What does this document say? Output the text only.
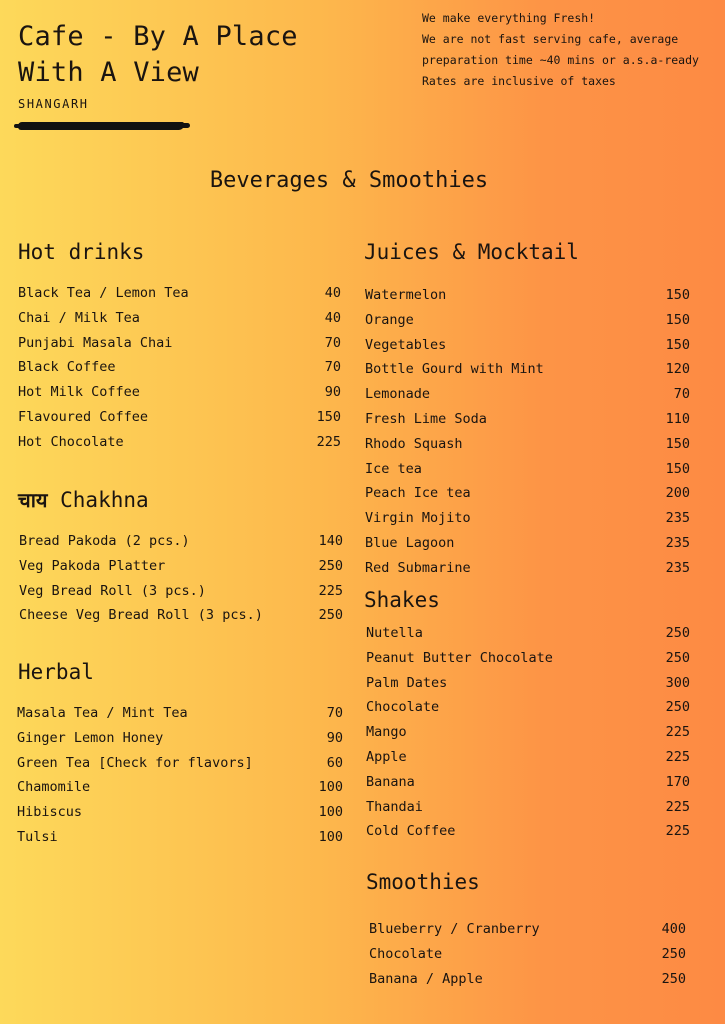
Cafe - By A Place
With A View
SHANGARH
We make everything Fresh!
We are not fast serving cafe, average
preparation time ~40 mins or a.s.a-ready
Rates are inclusive of taxes
Beverages & Smoothies
Hot drinks
Black Tea / Lemon Tea	40
Chai / Milk Tea	40
Punjabi Masala Chai	70
Black Coffee	70
Hot Milk Coffee	90
Flavoured Coffee	150
Hot Chocolate	225
चाय Chakhna
Bread Pakoda (2 pcs.)	140
Veg Pakoda Platter	250
Veg Bread Roll (3 pcs.)	225
Cheese Veg Bread Roll (3 pcs.)	250
Herbal
Masala Tea / Mint Tea	70
Ginger Lemon Honey	90
Green Tea [Check for flavors]	60
Chamomile	100
Hibiscus	100
Tulsi	100
Juices & Mocktail
Watermelon	150
Orange	150
Vegetables	150
Bottle Gourd with Mint	120
Lemonade	70
Fresh Lime Soda	110
Rhodo Squash	150
Ice tea	150
Peach Ice tea	200
Virgin Mojito	235
Blue Lagoon	235
Red Submarine	235
Shakes
Nutella	250
Peanut Butter Chocolate	250
Palm Dates	300
Chocolate	250
Mango	225
Apple	225
Banana	170
Thandai	225
Cold Coffee	225
Smoothies
Blueberry / Cranberry	400
Chocolate	250
Banana / Apple	250
